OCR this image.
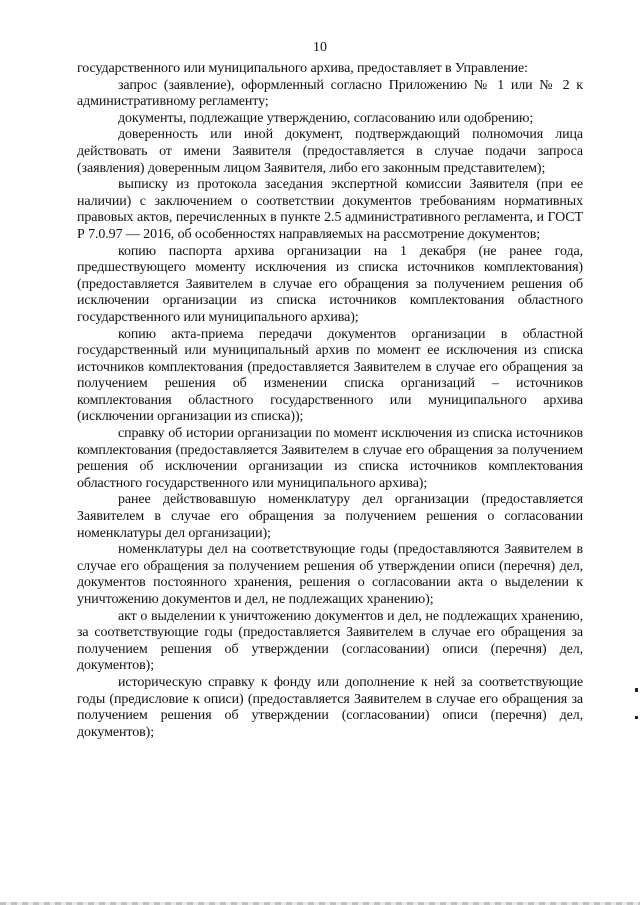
10

государственного или муниципального архива, предоставляет в Управление:

запрос (заявление), оформленный согласно Приложению № 1 или № 2 к административному регламенту;

документы, подлежащие утверждению, согласованию или одобрению;

доверенность или иной документ, подтверждающий полномочия лица действовать от имени Заявителя (предоставляется в случае подачи запроса (заявления) доверенным лицом Заявителя, либо его законным представителем);

выписку из протокола заседания экспертной комиссии Заявителя (при ее наличии) с заключением о соответствии документов требованиям нормативных правовых актов, перечисленных в пункте 2.5 административного регламента, и ГОСТ Р 7.0.97 — 2016, об особенностях направляемых на рассмотрение документов;

копию паспорта архива организации на 1 декабря (не ранее года, предшествующего моменту исключения из списка источников комплектования) (предоставляется Заявителем в случае его обращения за получением решения об исключении организации из списка источников комплектования областного государственного или муниципального архива);

копию акта-приема передачи документов организации в областной государственный или муниципальный архив по момент ее исключения из списка источников комплектования (предоставляется Заявителем в случае его обращения за получением решения об изменении списка организаций – источников комплектования областного государственного или муниципального архива (исключении организации из списка));

справку об истории организации по момент исключения из списка источников комплектования (предоставляется Заявителем в случае его обращения за получением решения об исключении организации из списка источников комплектования областного государственного или муниципального архива);

ранее действовавшую номенклатуру дел организации (предоставляется Заявителем в случае его обращения за получением решения о согласовании номенклатуры дел организации);

номенклатуры дел на соответствующие годы (предоставляются Заявителем в случае его обращения за получением решения об утверждении описи (перечня) дел, документов постоянного хранения, решения о согласовании акта о выделении к уничтожению документов и дел, не подлежащих хранению);

акт о выделении к уничтожению документов и дел, не подлежащих хранению, за соответствующие годы (предоставляется Заявителем в случае его обращения за получением решения об утверждении (согласовании) описи (перечня) дел, документов);

историческую справку к фонду или дополнение к ней за соответствующие годы (предисловие к описи) (предоставляется Заявителем в случае его обращения за получением решения об утверждении (согласовании) описи (перечня) дел, документов);
